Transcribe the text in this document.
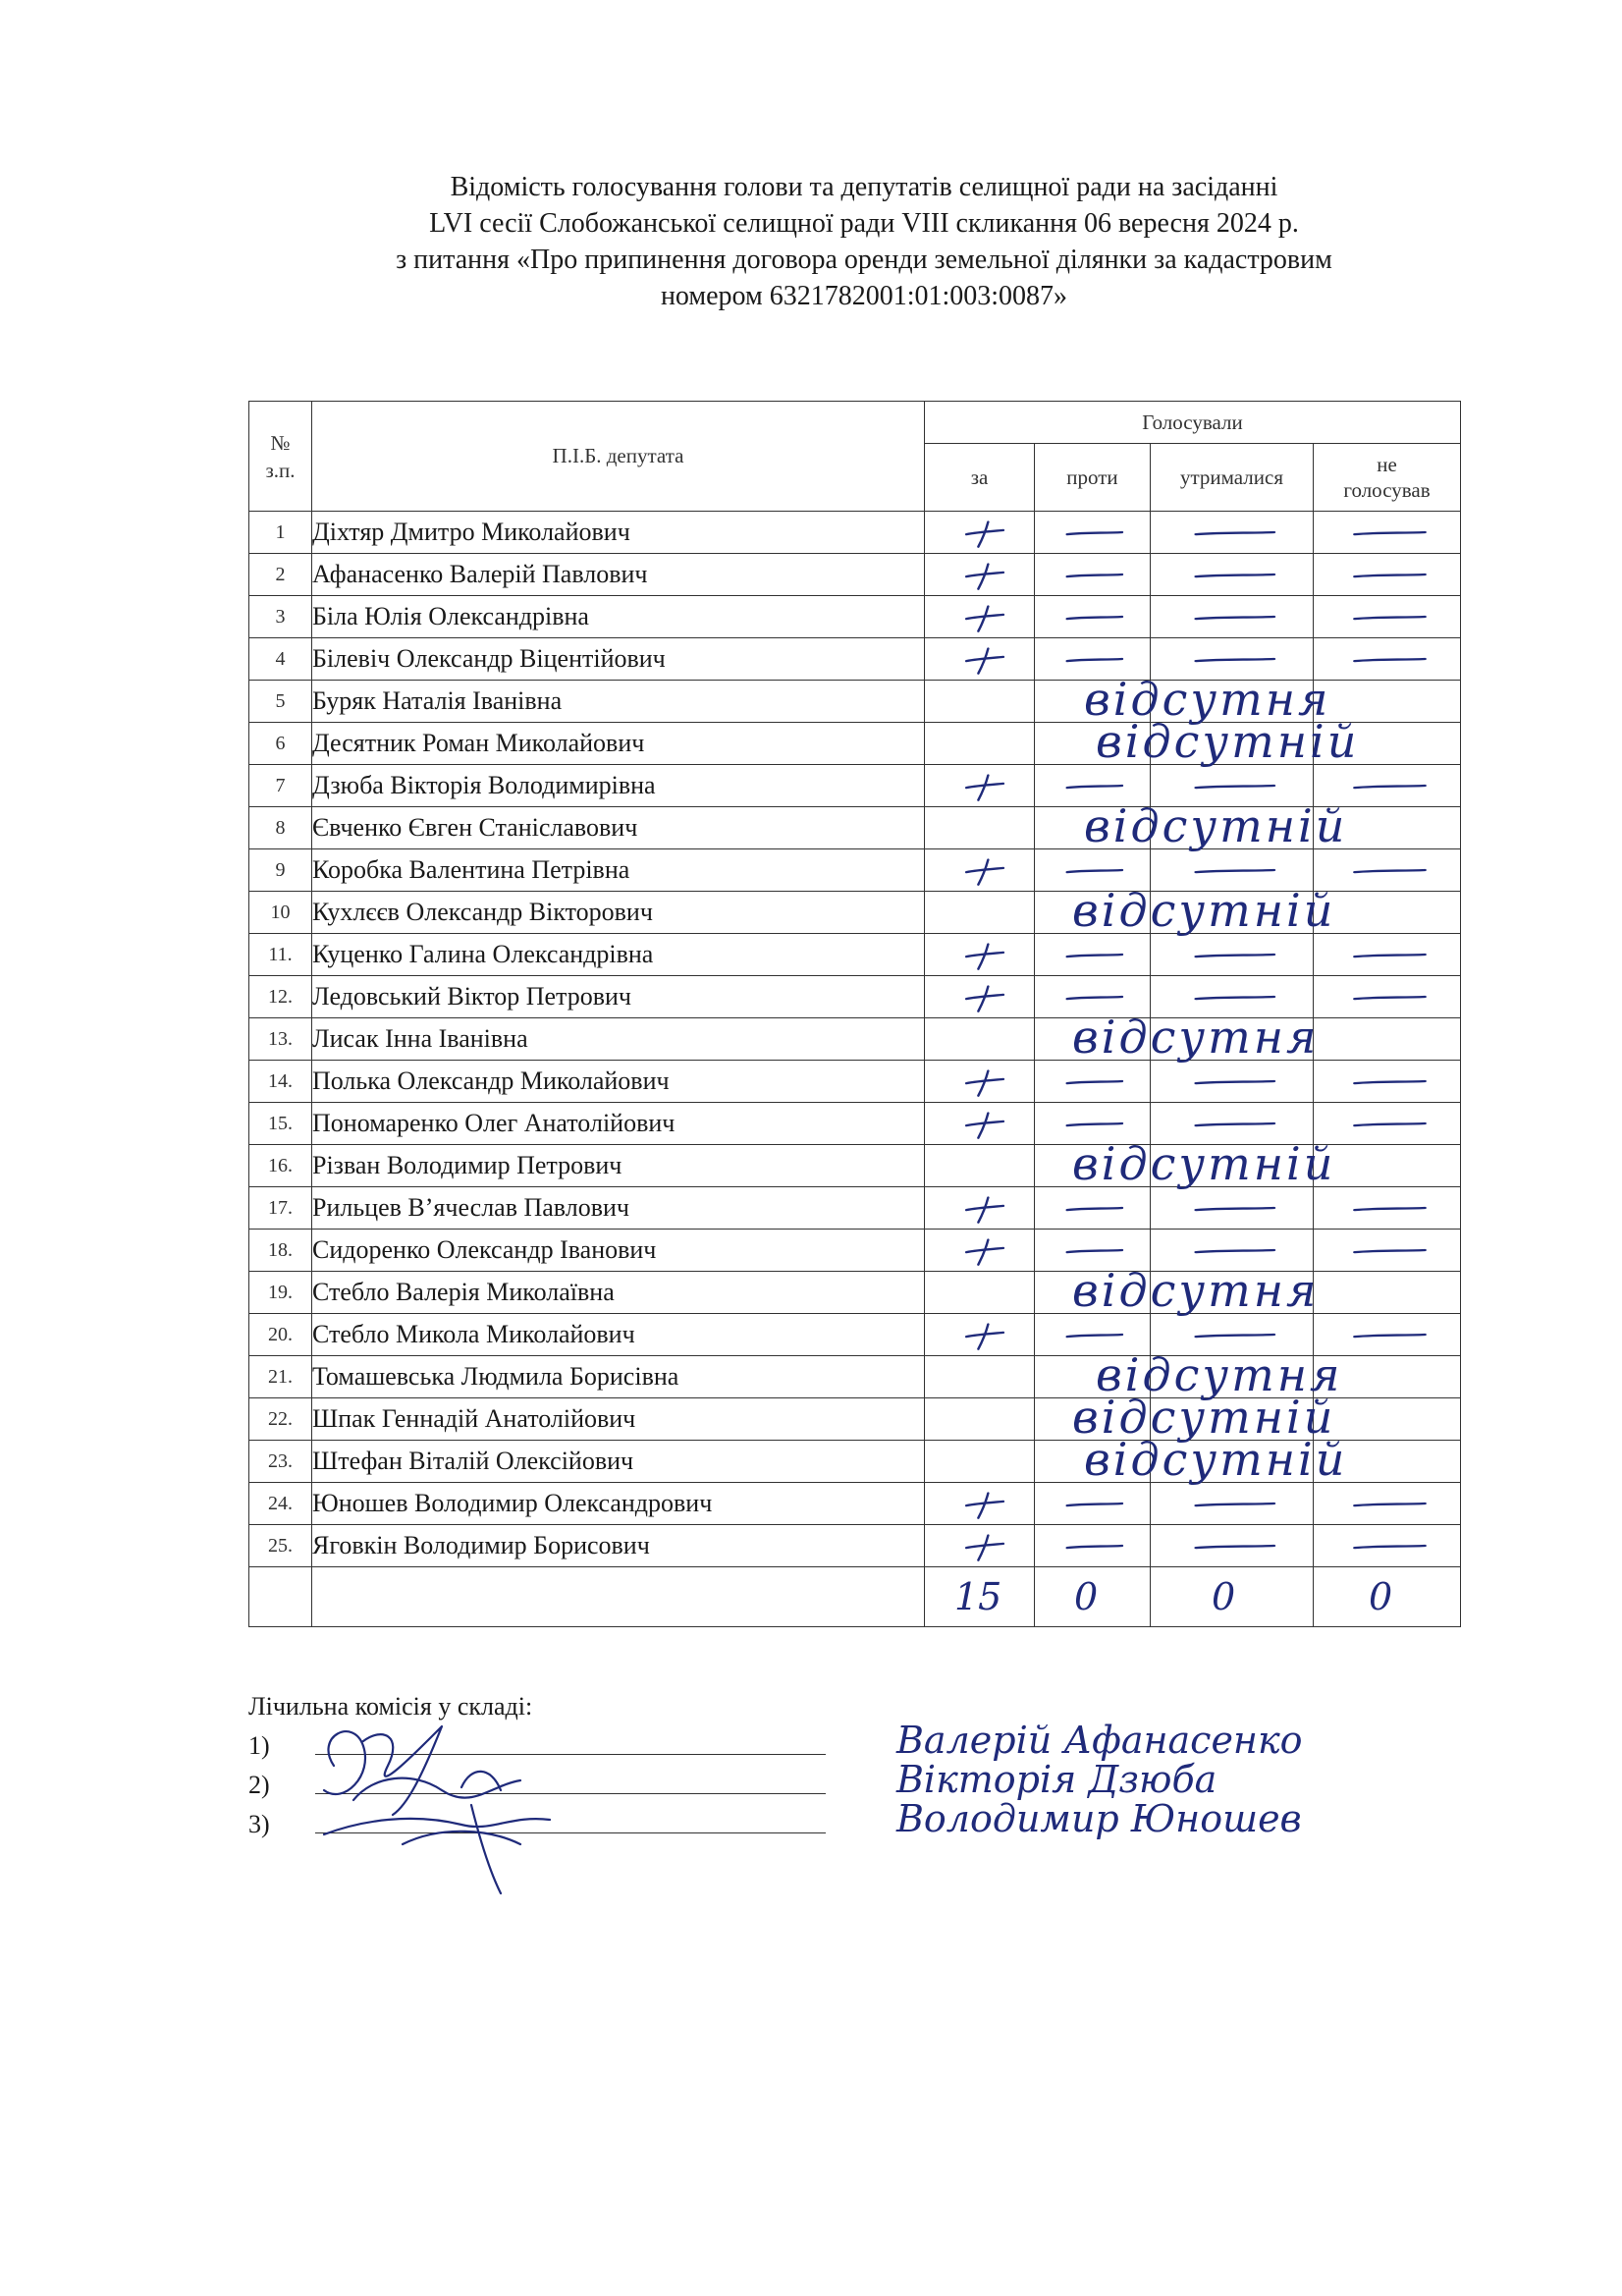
Відомість голосування голови та депутатів селищної ради на засіданні
LVI сесії Слобожанської селищної ради VIII скликання 06 вересня 2024 р.
з питання «Про припинення договора оренди земельної ділянки за кадастровим
номером 6321782001:01:003:0087»
№
з.п.	П.І.Б. депутата	Голосували			
		за	проти	утрималися	не
голосував

1	Діхтяр Дмитро Миколайович	

2	Афанасенко Валерій Павлович	

3	Біла Юлія Олександрівна	

4	Білевіч Олександр Віцентійович	

5	Буряк Наталія Іванівна	відсутня			

6	Десятник Роман Миколайович	відсутній			

7	Дзюба Вікторія Володимирівна	

8	Євченко Євген Станіславович	відсутній			

9	Коробка Валентина Петрівна	

10	Кухлєєв Олександр Вікторович	відсутній			

11.	Куценко Галина Олександрівна	

12.	Ледовський Віктор Петрович	

13.	Лисак Інна Іванівна	відсутня			

14.	Полька Олександр Миколайович	

15.	Пономаренко Олег Анатолійович	

16.	Різван Володимир Петрович	відсутній			

17.	Рильцев В’ячеслав Павлович	

18.	Сидоренко Олександр Іванович	

19.	Стебло Валерія Миколаївна	відсутня			

20.	Стебло Микола Миколайович	

21.	Томашевська Людмила Борисівна	відсутня			

22.	Шпак Геннадій Анатолійович	відсутній			

23.	Штефан Віталій Олексійович	відсутній			

24.	Юношев Володимир Олександрович	

25.	Яговкін Володимир Борисович	

		15	0	0	0
Лічильна комісія у складі:
1)	Валерій Афанасенко
2)	Вікторія Дзюба
3)	Володимир Юношев
